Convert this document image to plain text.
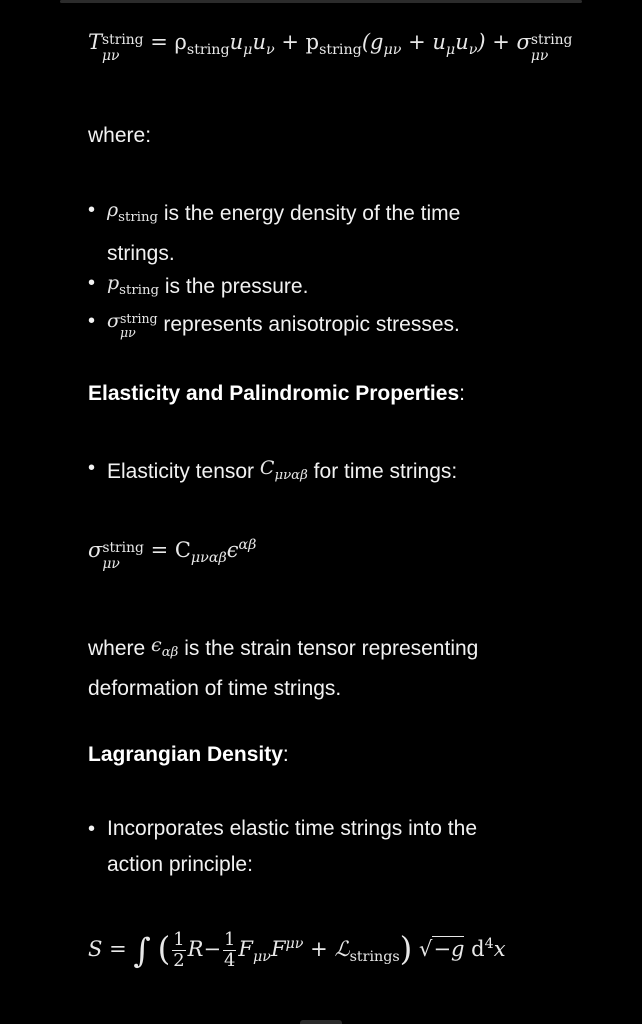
T string
μν
= $\rho_{string}u_\mu u_\nu + p_{string}(g_{\mu\nu} + u_\mu u_\nu) + \sigma$ string
μν
where:
• $\rho_{string}$ is the energy density of the time
strings.
• $p_{string}$ is the pressure.
• σ string
μν	represents anisotropic stresses.
Elasticity and Palindromic Properties:
• Elasticity tensor $C_{\mu\nu\alpha\beta}$ for time strings:
σ string
μν
= $C_{\mu\nu\alpha\beta}\epsilon^{\alpha\beta}$
where $\epsilon_{\alpha\beta}$ is the strain tensor representing
deformation of time strings.
Lagrangian Density:
• Incorporates elastic time strings into the
action principle:
S = ∫ ( $\frac{1}{2} R- \frac{1}{4} F_{\mu\nu}F^{\mu\nu}$ + ℒ$_{strings}$) √−g $d^4x$
